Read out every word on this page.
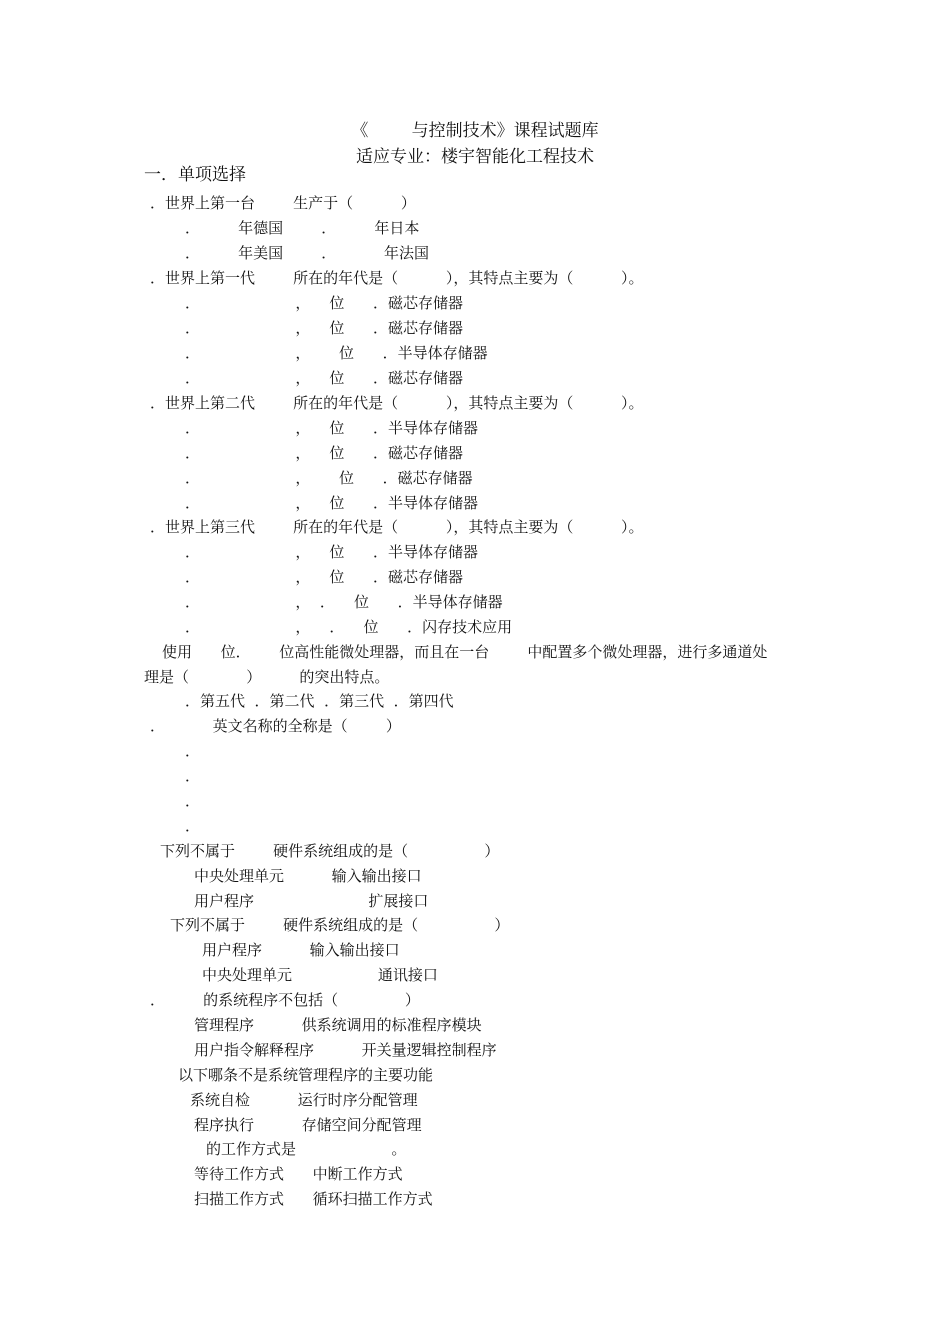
《        与控制技术》课程试题库
适应专业：楼宇智能化工程技术
一．单项选择
．世界上第一台        生产于（          ）
．        年德国        ．        年日本
．        年美国        ．          年法国
．世界上第一代        所在的年代是（          ），其特点主要为（          ）。
．                    ，    位      ．磁芯存储器
．                    ，    位      ．磁芯存储器
．                    ，      位      ．半导体存储器
．                    ，    位      ．磁芯存储器
．世界上第二代        所在的年代是（          ），其特点主要为（          ）。
．                    ，    位      ．半导体存储器
．                    ，    位      ．磁芯存储器
．                    ，      位      ．磁芯存储器
．                    ，    位      ．半导体存储器
．世界上第三代        所在的年代是（          ），其特点主要为（          ）。
．                    ，    位      ．半导体存储器
．                    ，    位      ．磁芯存储器
．                    ，  ．    位      ．半导体存储器
．                    ，    ．    位      ．闪存技术应用
使用      位．      位高性能微处理器，而且在一台        中配置多个微处理器，进行多通道处
理是（            ）        的突出特点。
．第五代  ．第二代  ．第三代  ．第四代
．          英文名称的全称是（        ）
．
．
．
．
下列不属于        硬件系统组成的是（                ）
中央处理单元          输入输出接口
用户程序                        扩展接口
下列不属于        硬件系统组成的是（                ）
用户程序          输入输出接口
中央处理单元                  通讯接口
．        的系统程序不包括（              ）
管理程序          供系统调用的标准程序模块
用户指令解释程序          开关量逻辑控制程序
以下哪条不是系统管理程序的主要功能
系统自检          运行时序分配管理
程序执行          存储空间分配管理
的工作方式是                    。
等待工作方式      中断工作方式
扫描工作方式      循环扫描工作方式
